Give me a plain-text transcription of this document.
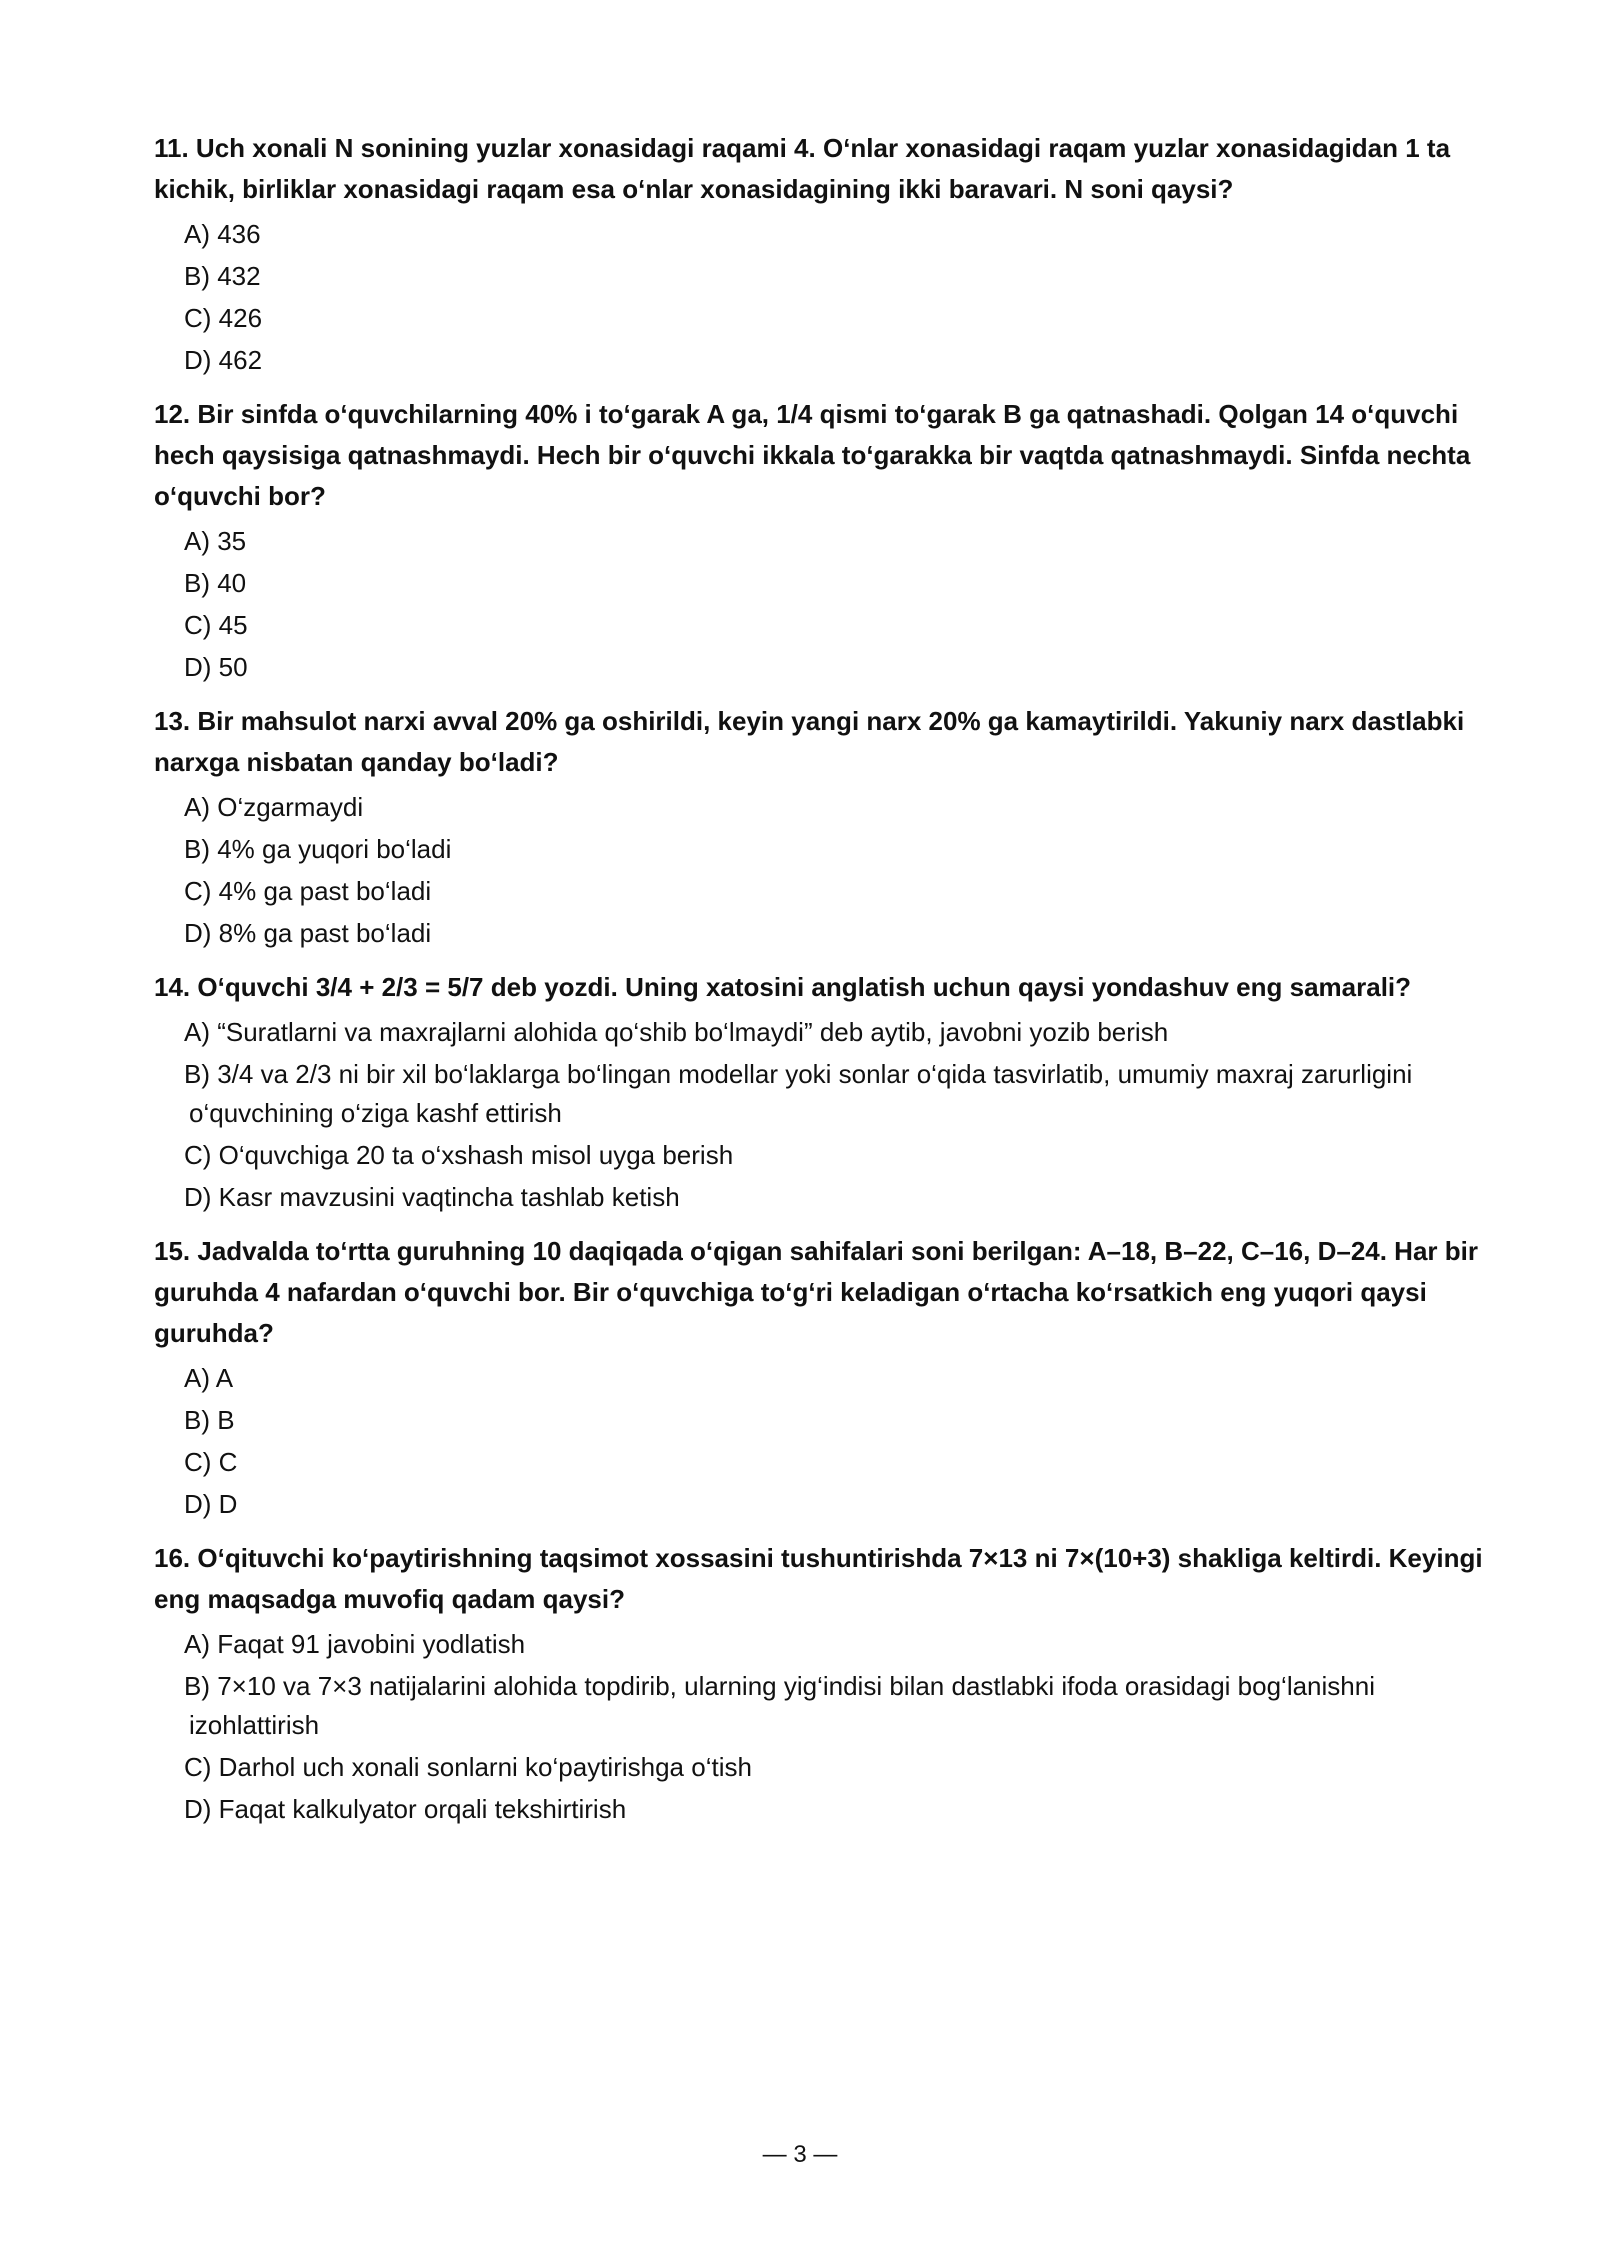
11. Uch xonali N sonining yuzlar xonasidagi raqami 4. O‘nlar xonasidagi raqam yuzlar xonasidagidan 1 ta kichik, birliklar xonasidagi raqam esa o‘nlar xonasidagining ikki baravari. N soni qaysi?
A) 436
B) 432
C) 426
D) 462
12. Bir sinfda o‘quvchilarning 40% i to‘garak A ga, 1/4 qismi to‘garak B ga qatnashadi. Qolgan 14 o‘quvchi hech qaysisiga qatnashmaydi. Hech bir o‘quvchi ikkala to‘garakka bir vaqtda qatnashmaydi. Sinfda nechta o‘quvchi bor?
A) 35
B) 40
C) 45
D) 50
13. Bir mahsulot narxi avval 20% ga oshirildi, keyin yangi narx 20% ga kamaytirildi. Yakuniy narx dastlabki narxga nisbatan qanday bo‘ladi?
A) O‘zgarmaydi
B) 4% ga yuqori bo‘ladi
C) 4% ga past bo‘ladi
D) 8% ga past bo‘ladi
14. O‘quvchi 3/4 + 2/3 = 5/7 deb yozdi. Uning xatosini anglatish uchun qaysi yondashuv eng samarali?
A) “Suratlarni va maxrajlarni alohida qo‘shib bo‘lmaydi” deb aytib, javobni yozib berish
B) 3/4 va 2/3 ni bir xil bo‘laklarga bo‘lingan modellar yoki sonlar o‘qida tasvirlatib, umumiy maxraj zarurligini o‘quvchining o‘ziga kashf ettirish
C) O‘quvchiga 20 ta o‘xshash misol uyga berish
D) Kasr mavzusini vaqtincha tashlab ketish
15. Jadvalda to‘rtta guruhning 10 daqiqada o‘qigan sahifalari soni berilgan: A–18, B–22, C–16, D–24. Har bir guruhda 4 nafardan o‘quvchi bor. Bir o‘quvchiga to‘g‘ri keladigan o‘rtacha ko‘rsatkich eng yuqori qaysi guruhda?
A) A
B) B
C) C
D) D
16. O‘qituvchi ko‘paytirishning taqsimot xossasini tushuntirishda 7×13 ni 7×(10+3) shakliga keltirdi. Keyingi eng maqsadga muvofiq qadam qaysi?
A) Faqat 91 javobini yodlatish
B) 7×10 va 7×3 natijalarini alohida topdirib, ularning yig‘indisi bilan dastlabki ifoda orasidagi bog‘lanishni izohlattirish
C) Darhol uch xonali sonlarni ko‘paytirishga o‘tish
D) Faqat kalkulyator orqali tekshirtirish
— 3 —
